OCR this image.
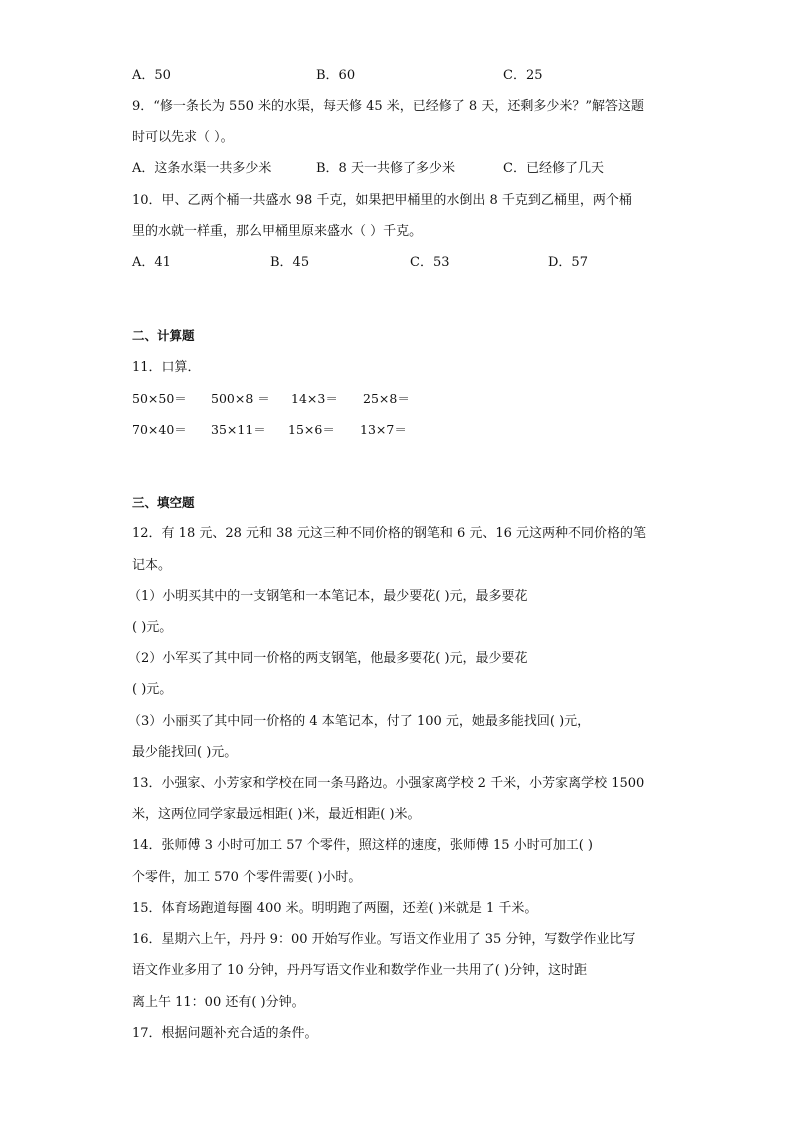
A．50	B．60	C．25
9．“修一条长为 550 米的水渠，每天修 45 米，已经修了 8 天，还剩多少米？”解答这题
时可以先求（ ）。
A．这条水渠一共多少米	B．8 天一共修了多少米	C．已经修了几天
10．甲、乙两个桶一共盛水 98 千克，如果把甲桶里的水倒出 8 千克到乙桶里，两个桶
里的水就一样重，那么甲桶里原来盛水（ ）千克。
A．41	B．45	C．53	D．57
二、计算题
11．口算．
50×50＝ 500×8 ＝ 14×3＝ 25×8＝
70×40＝ 35×11＝ 15×6＝ 13×7＝
三、填空题
12．有 18 元、28 元和 38 元这三种不同价格的钢笔和 6 元、16 元这两种不同价格的笔
记本。
（1）小明买其中的一支钢笔和一本笔记本，最少要花( )元，最多要花
( )元。
（2）小军买了其中同一价格的两支钢笔，他最多要花( )元，最少要花
( )元。
（3）小丽买了其中同一价格的 4 本笔记本，付了 100 元，她最多能找回( )元，
最少能找回( )元。
13．小强家、小芳家和学校在同一条马路边。小强家离学校 2 千米，小芳家离学校 1500
米，这两位同学家最远相距( )米，最近相距( )米。
14．张师傅 3 小时可加工 57 个零件，照这样的速度，张师傅 15 小时可加工( )
个零件，加工 570 个零件需要( )小时。
15．体育场跑道每圈 400 米。明明跑了两圈，还差( )米就是 1 千米。
16．星期六上午，丹丹 9：00 开始写作业。写语文作业用了 35 分钟，写数学作业比写
语文作业多用了 10 分钟，丹丹写语文作业和数学作业一共用了( )分钟，这时距
离上午 11：00 还有( )分钟。
17．根据问题补充合适的条件。
